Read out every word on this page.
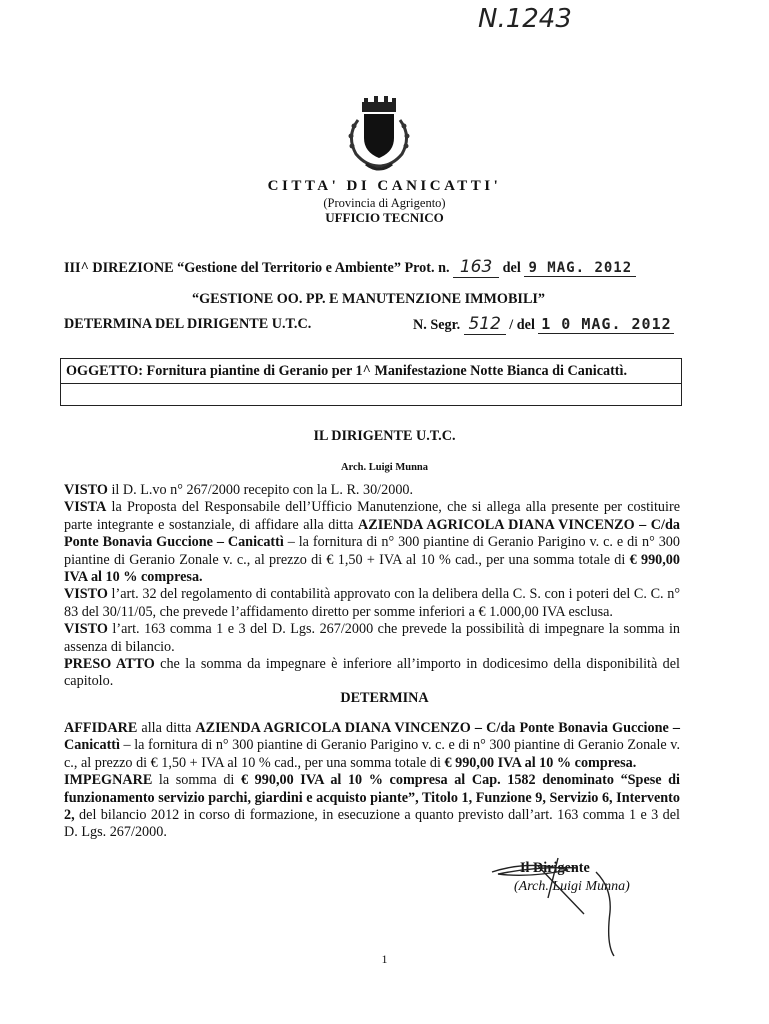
N.1243
CITTA' DI CANICATTI'
(Provincia di Agrigento)
UFFICIO TECNICO
III^ DIREZIONE “Gestione del Territorio e Ambiente” Prot. n. 163 del 9 MAG. 2012
“GESTIONE OO. PP. E MANUTENZIONE IMMOBILI”
DETERMINA DEL DIRIGENTE U.T.C.	N. Segr. 512 / del 1 0 MAG. 2012
OGGETTO: Fornitura piantine di Geranio per 1^ Manifestazione Notte Bianca di Canicattì.
IL DIRIGENTE U.T.C.
Arch. Luigi Munna
VISTO il D. L.vo n° 267/2000 recepito con la L. R. 30/2000.
VISTA la Proposta del Responsabile dell’Ufficio Manutenzione, che si allega alla presente per costituire parte integrante e sostanziale, di affidare alla ditta AZIENDA AGRICOLA DIANA VINCENZO – C/da Ponte Bonavia Guccione – Canicattì – la fornitura di n° 300 piantine di Geranio Parigino v. c. e di n° 300 piantine di Geranio Zonale v. c., al prezzo di € 1,50 + IVA al 10 % cad., per una somma totale di € 990,00 IVA al 10 % compresa.
VISTO l’art. 32 del regolamento di contabilità approvato con la delibera della C. S. con i poteri del C. C. n° 83 del 30/11/05, che prevede l’affidamento diretto per somme inferiori a € 1.000,00 IVA esclusa.
VISTO l’art. 163 comma 1 e 3 del D. Lgs. 267/2000 che prevede la possibilità di impegnare la somma in assenza di bilancio.
PRESO ATTO che la somma da impegnare è inferiore all’importo in dodicesimo della disponibilità del capitolo.
DETERMINA
AFFIDARE alla ditta AZIENDA AGRICOLA DIANA VINCENZO – C/da Ponte Bonavia Guccione – Canicattì – la fornitura di n° 300 piantine di Geranio Parigino v. c. e di n° 300 piantine di Geranio Zonale v. c., al prezzo di € 1,50 + IVA al 10 % cad., per una somma totale di € 990,00 IVA al 10 % compresa.
IMPEGNARE la somma di € 990,00 IVA al 10 % compresa al Cap. 1582 denominato “Spese di funzionamento servizio parchi, giardini e acquisto piante”, Titolo 1, Funzione 9, Servizio 6, Intervento 2, del bilancio 2012 in corso di formazione, in esecuzione a quanto previsto dall’art. 163 comma 1 e 3 del D. Lgs. 267/2000.
Il Dirigente
(Arch. Luigi Munna)
1
